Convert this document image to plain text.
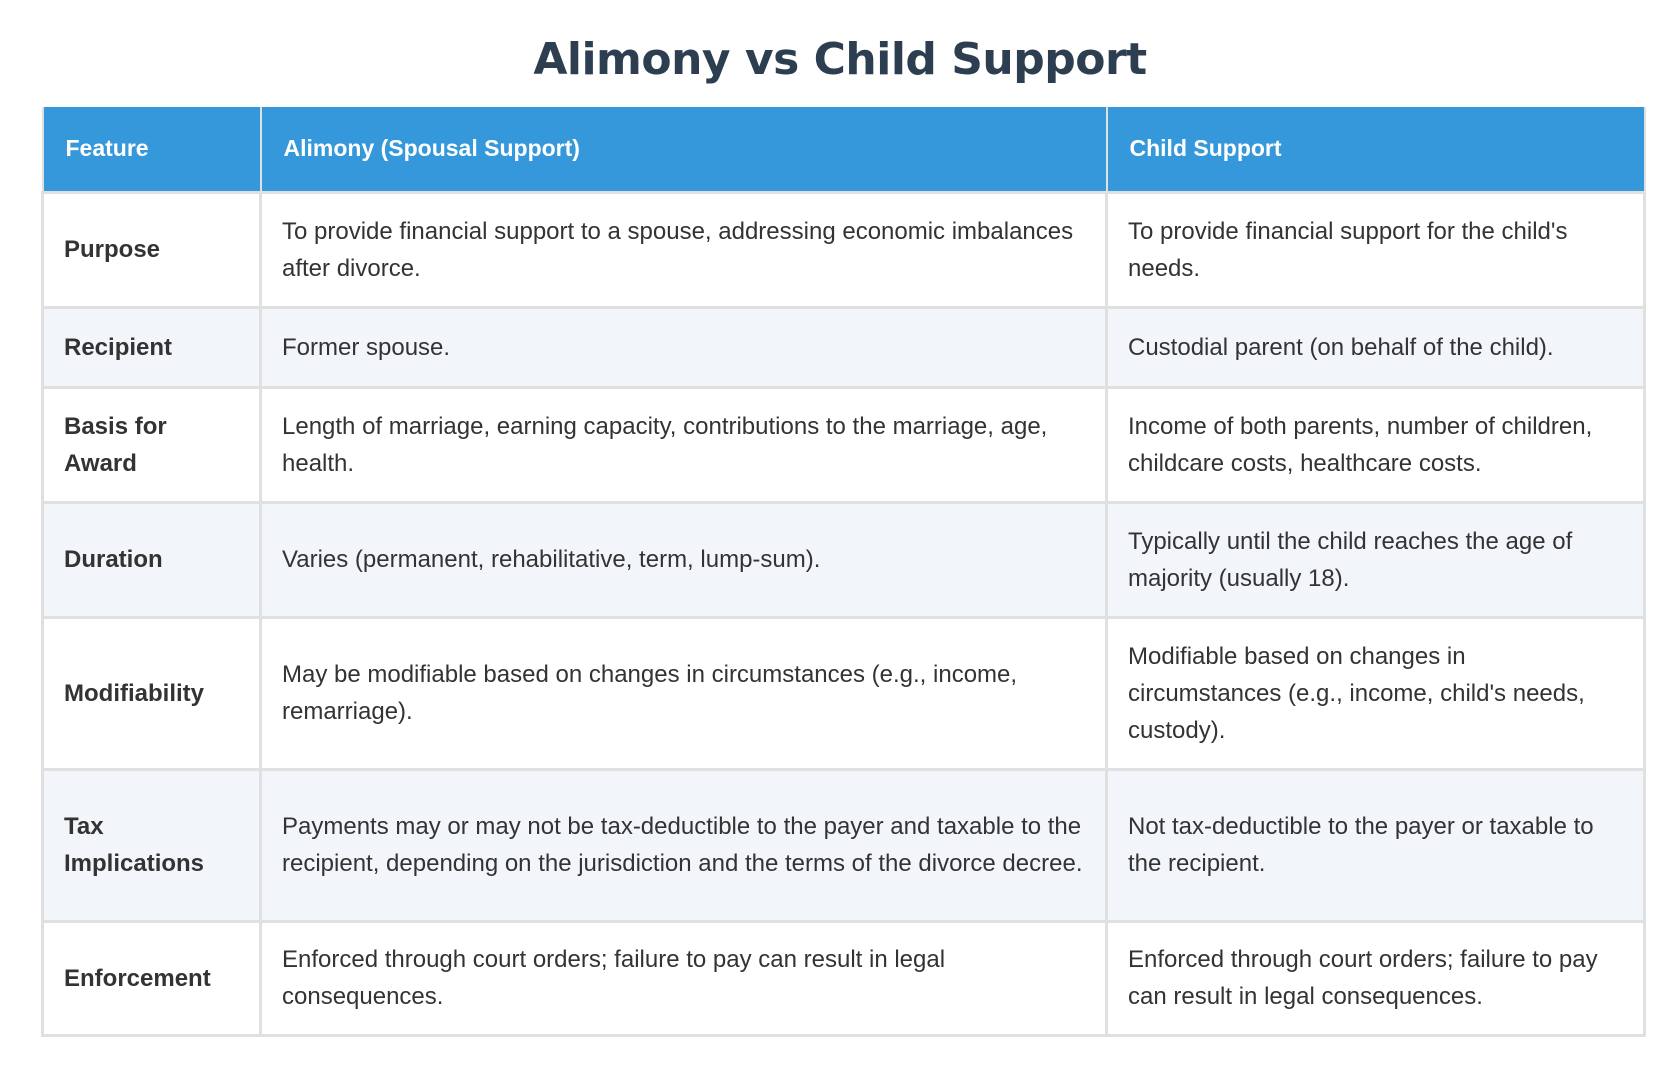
Alimony vs Child Support
Feature	Alimony (Spousal Support)	Child Support
Purpose	To provide financial support to a spouse, addressing economic imbalances after divorce.	To provide financial support for the child's needs.
Recipient	Former spouse.	Custodial parent (on behalf of the child).
Basis for Award	Length of marriage, earning capacity, contributions to the marriage, age, health.	Income of both parents, number of children, childcare costs, healthcare costs.
Duration	Varies (permanent, rehabilitative, term, lump-sum).	Typically until the child reaches the age of majority (usually 18).
Modifiability	May be modifiable based on changes in circumstances (e.g., income, remarriage).	Modifiable based on changes in circumstances (e.g., income, child's needs, custody).
Tax Implications	Payments may or may not be tax-deductible to the payer and taxable to the recipient, depending on the jurisdiction and the terms of the divorce decree.	Not tax-deductible to the payer or taxable to the recipient.
Enforcement	Enforced through court orders; failure to pay can result in legal consequences.	Enforced through court orders; failure to pay can result in legal consequences.
